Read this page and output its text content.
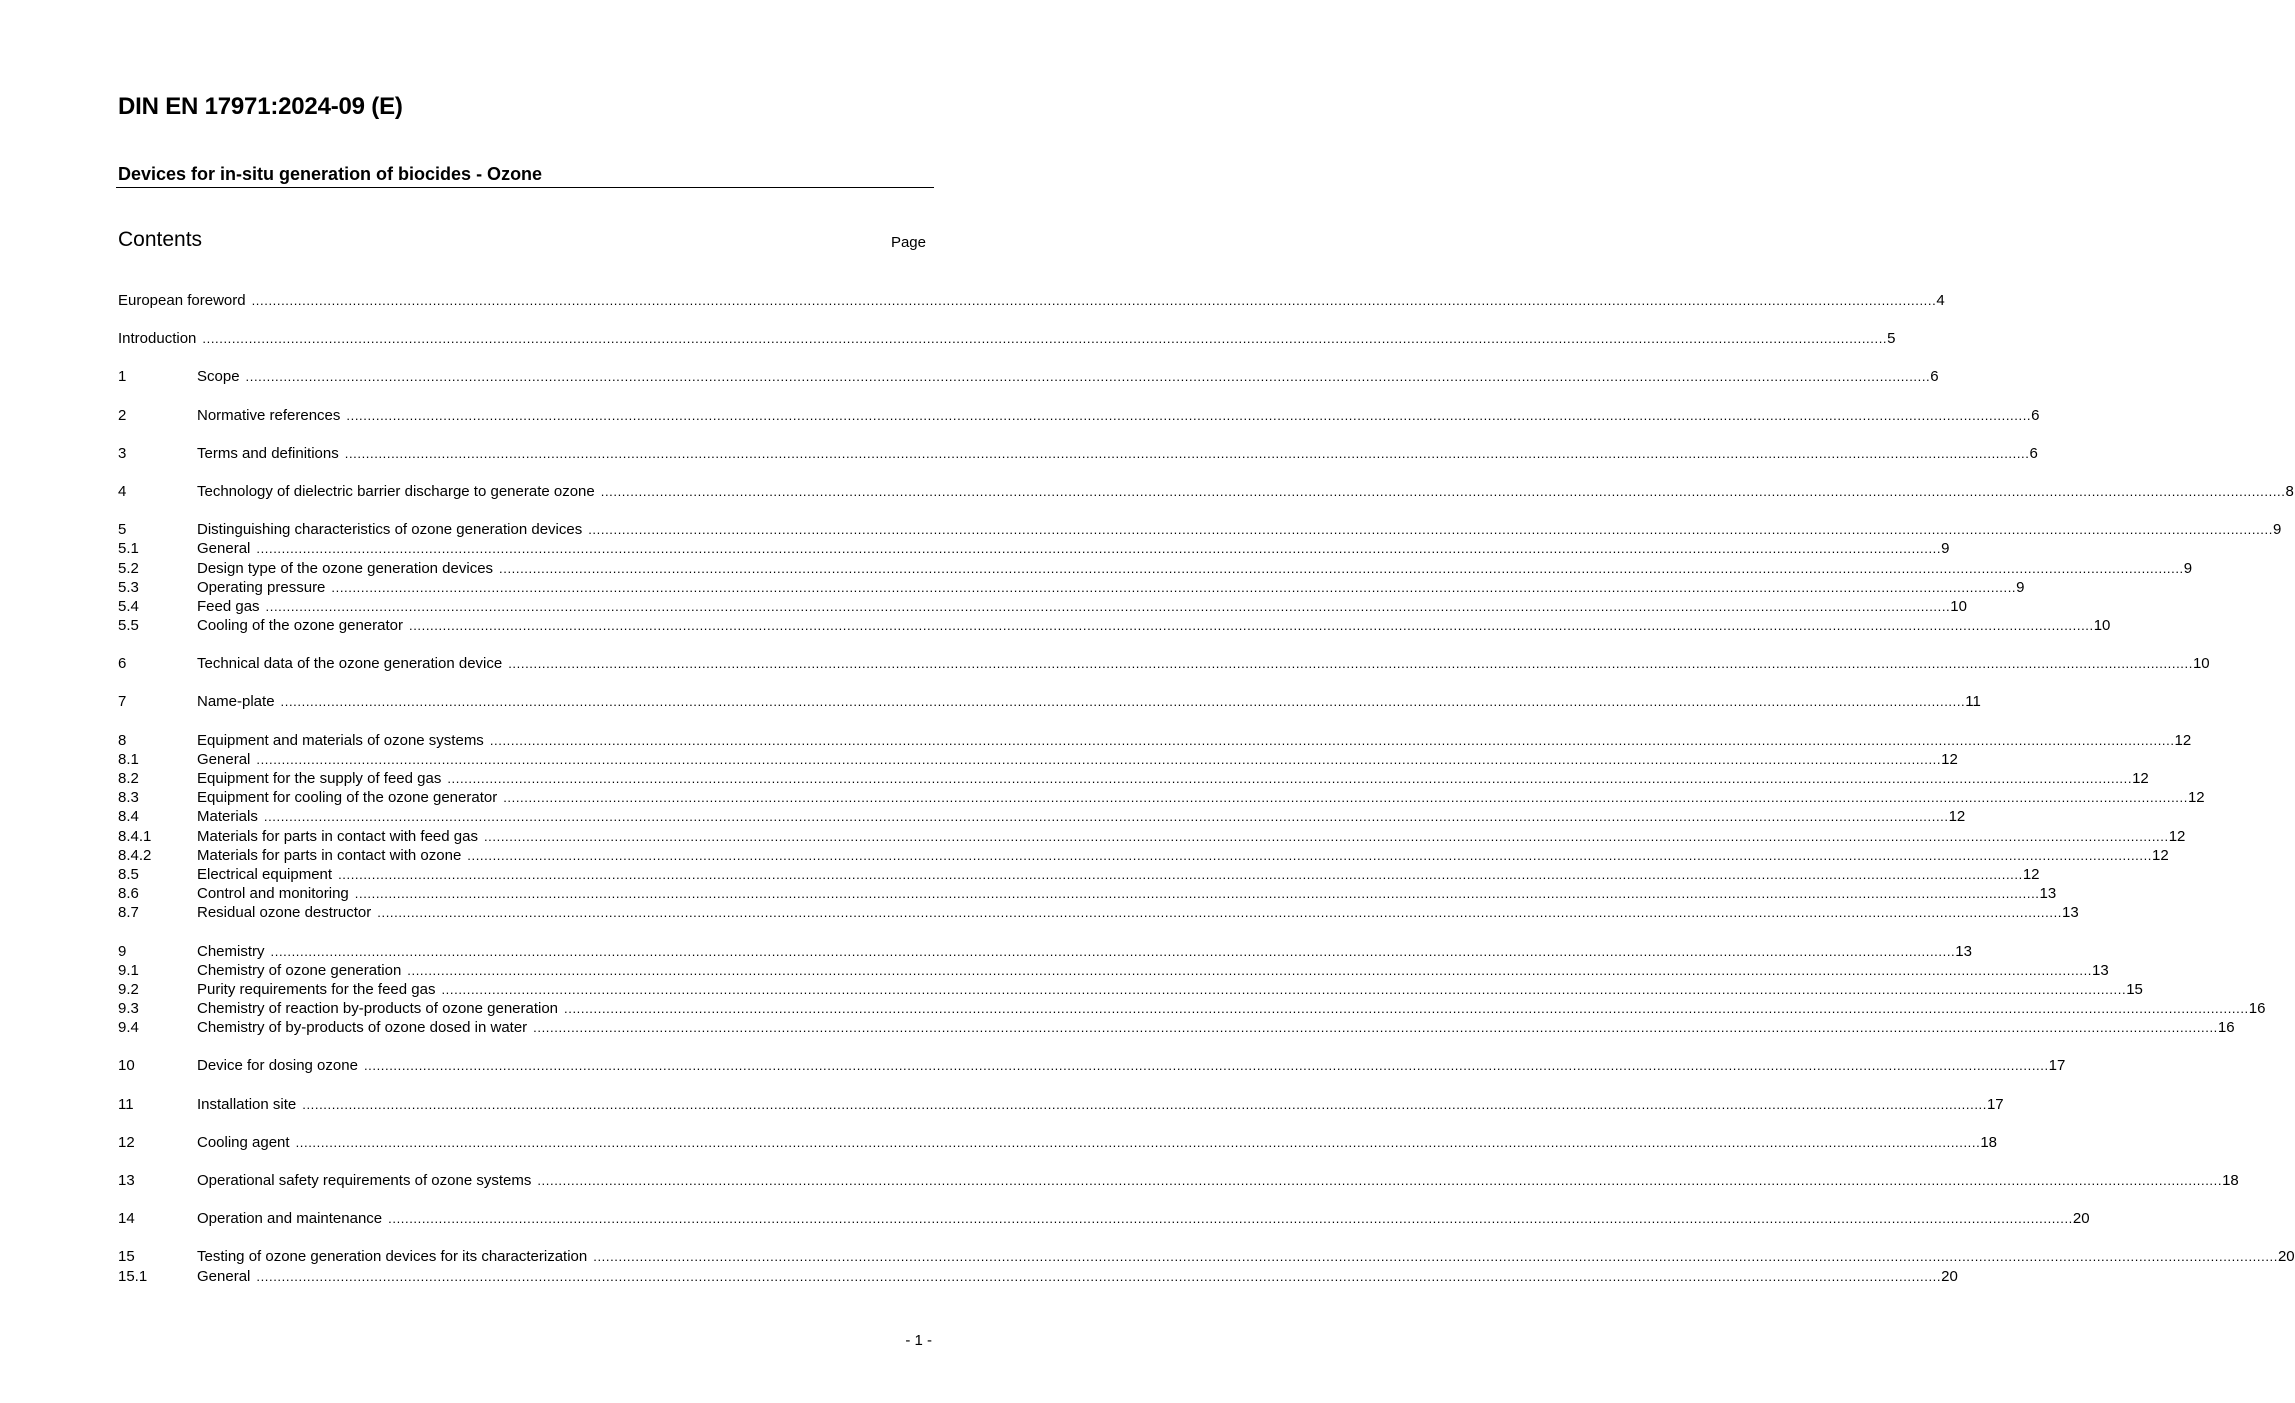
DIN EN 17971:2024-09 (E)
Devices for in-situ generation of biocides - Ozone
Contents	Page
European foreword ................................................................................................................................................................................................................................................................................................................................................................................................................ 4
Introduction ................................................................................................................................................................................................................................................................................................................................................................................................................ 5
1	Scope ................................................................................................................................................................................................................................................................................................................................................................................................................ 6
2	Normative references ................................................................................................................................................................................................................................................................................................................................................................................................................ 6
3	Terms and definitions ................................................................................................................................................................................................................................................................................................................................................................................................................ 6
4	Technology of dielectric barrier discharge to generate ozone ................................................................................................................................................................................................................................................................................................................................................................................................................ 8
5	Distinguishing characteristics of ozone generation devices ................................................................................................................................................................................................................................................................................................................................................................................................................ 9
5.1	General ................................................................................................................................................................................................................................................................................................................................................................................................................ 9
5.2	Design type of the ozone generation devices ................................................................................................................................................................................................................................................................................................................................................................................................................ 9
5.3	Operating pressure ................................................................................................................................................................................................................................................................................................................................................................................................................ 9
5.4	Feed gas ................................................................................................................................................................................................................................................................................................................................................................................................................ 10
5.5	Cooling of the ozone generator ................................................................................................................................................................................................................................................................................................................................................................................................................ 10
6	Technical data of the ozone generation device ................................................................................................................................................................................................................................................................................................................................................................................................................ 10
7	Name-plate ................................................................................................................................................................................................................................................................................................................................................................................................................ 11
8	Equipment and materials of ozone systems ................................................................................................................................................................................................................................................................................................................................................................................................................ 12
8.1	General ................................................................................................................................................................................................................................................................................................................................................................................................................ 12
8.2	Equipment for the supply of feed gas ................................................................................................................................................................................................................................................................................................................................................................................................................ 12
8.3	Equipment for cooling of the ozone generator ................................................................................................................................................................................................................................................................................................................................................................................................................ 12
8.4	Materials ................................................................................................................................................................................................................................................................................................................................................................................................................ 12
8.4.1	Materials for parts in contact with feed gas ................................................................................................................................................................................................................................................................................................................................................................................................................ 12
8.4.2	Materials for parts in contact with ozone ................................................................................................................................................................................................................................................................................................................................................................................................................ 12
8.5	Electrical equipment ................................................................................................................................................................................................................................................................................................................................................................................................................ 12
8.6	Control and monitoring ................................................................................................................................................................................................................................................................................................................................................................................................................ 13
8.7	Residual ozone destructor ................................................................................................................................................................................................................................................................................................................................................................................................................ 13
9	Chemistry ................................................................................................................................................................................................................................................................................................................................................................................................................ 13
9.1	Chemistry of ozone generation ................................................................................................................................................................................................................................................................................................................................................................................................................ 13
9.2	Purity requirements for the feed gas ................................................................................................................................................................................................................................................................................................................................................................................................................ 15
9.3	Chemistry of reaction by-products of ozone generation ................................................................................................................................................................................................................................................................................................................................................................................................................ 16
9.4	Chemistry of by-products of ozone dosed in water ................................................................................................................................................................................................................................................................................................................................................................................................................ 16
10	Device for dosing ozone ................................................................................................................................................................................................................................................................................................................................................................................................................ 17
11	Installation site ................................................................................................................................................................................................................................................................................................................................................................................................................ 17
12	Cooling agent ................................................................................................................................................................................................................................................................................................................................................................................................................ 18
13	Operational safety requirements of ozone systems ................................................................................................................................................................................................................................................................................................................................................................................................................ 18
14	Operation and maintenance ................................................................................................................................................................................................................................................................................................................................................................................................................ 20
15	Testing of ozone generation devices for its characterization ................................................................................................................................................................................................................................................................................................................................................................................................................ 20
15.1	General ................................................................................................................................................................................................................................................................................................................................................................................................................ 20
- 1 -
